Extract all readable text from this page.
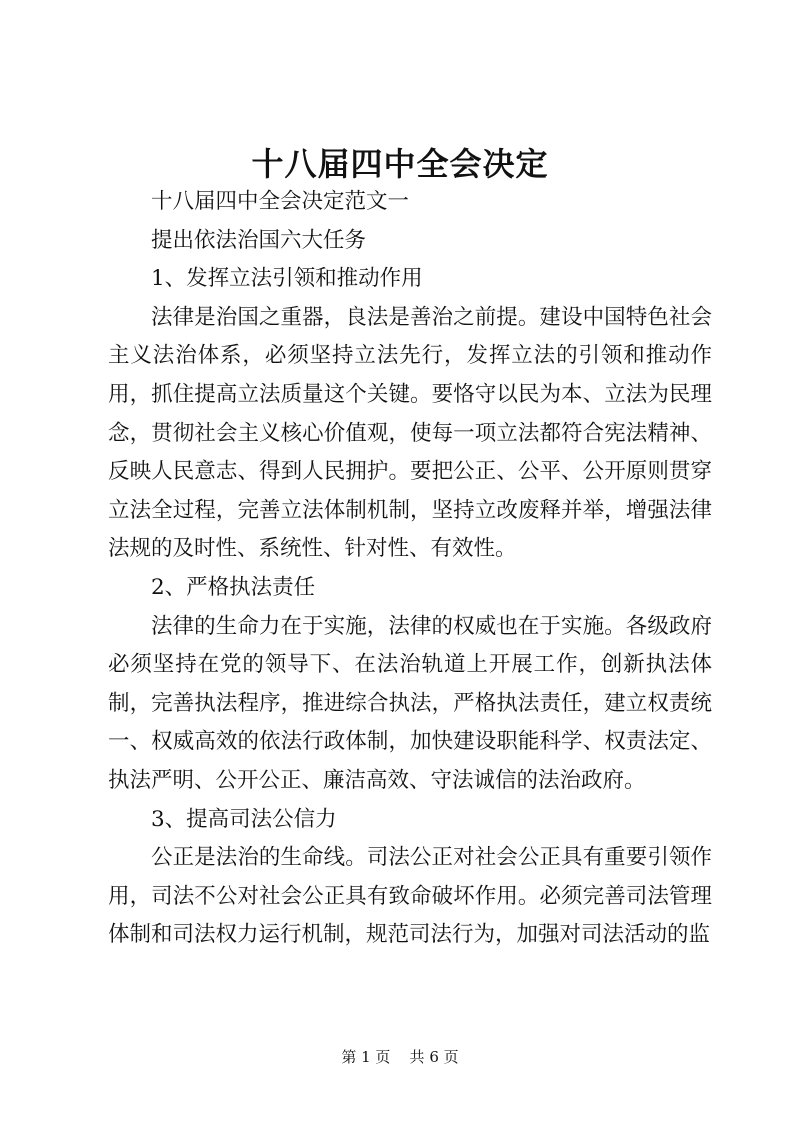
十八届四中全会决定

十八届四中全会决定范文一

提出依法治国六大任务

1、发挥立法引领和推动作用

法律是治国之重器，良法是善治之前提。建设中国特色社会主义法治体系，必须坚持立法先行，发挥立法的引领和推动作用，抓住提高立法质量这个关键。要恪守以民为本、立法为民理念，贯彻社会主义核心价值观，使每一项立法都符合宪法精神、反映人民意志、得到人民拥护。要把公正、公平、公开原则贯穿立法全过程，完善立法体制机制，坚持立改废释并举，增强法律法规的及时性、系统性、针对性、有效性。

2、严格执法责任

法律的生命力在于实施，法律的权威也在于实施。各级政府必须坚持在党的领导下、在法治轨道上开展工作，创新执法体制，完善执法程序，推进综合执法，严格执法责任，建立权责统一、权威高效的依法行政体制，加快建设职能科学、权责法定、执法严明、公开公正、廉洁高效、守法诚信的法治政府。

3、提高司法公信力

公正是法治的生命线。司法公正对社会公正具有重要引领作用，司法不公对社会公正具有致命破坏作用。必须完善司法管理体制和司法权力运行机制，规范司法行为，加强对司法活动的监

第 1 页 共 6 页
